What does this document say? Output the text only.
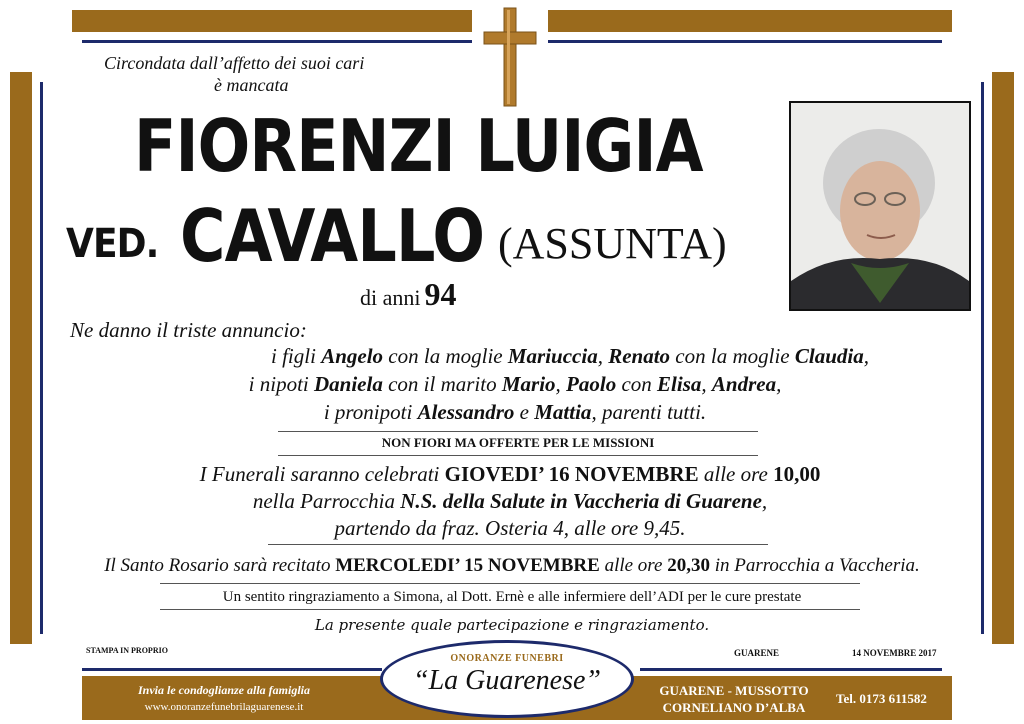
Circondata dall’affetto dei suoi cari
è mancata
FIORENZI LUIGIA
VED. CAVALLO (ASSUNTA)
di anni 94
Ne danno il triste annuncio:
i figli Angelo con la moglie Mariuccia, Renato con la moglie Claudia,
i nipoti Daniela con il marito Mario, Paolo con Elisa, Andrea,
i pronipoti Alessandro e Mattia, parenti tutti.
NON FIORI MA OFFERTE PER LE MISSIONI
I Funerali saranno celebrati GIOVEDI’ 16 NOVEMBRE alle ore 10,00
nella Parrocchia N.S. della Salute in Vaccheria di Guarene,
partendo da fraz. Osteria 4, alle ore 9,45.
Il Santo Rosario sarà recitato MERCOLEDI’ 15 NOVEMBRE alle ore 20,30 in Parrocchia a Vaccheria.
Un sentito ringraziamento a Simona, al Dott. Ernè e alle infermiere dell’ADI per le cure prestate
La presente quale partecipazione e ringraziamento.
STAMPA IN PROPRIO	GUARENE	14 NOVEMBRE 2017
Invia le condoglianze alla famiglia
www.onoranzefunebrilaguarenese.it
ONORANZE FUNEBRI
“La Guarenese”	GUARENE - MUSSOTTO
CORNELIANO D’ALBA
Tel. 0173 611582
